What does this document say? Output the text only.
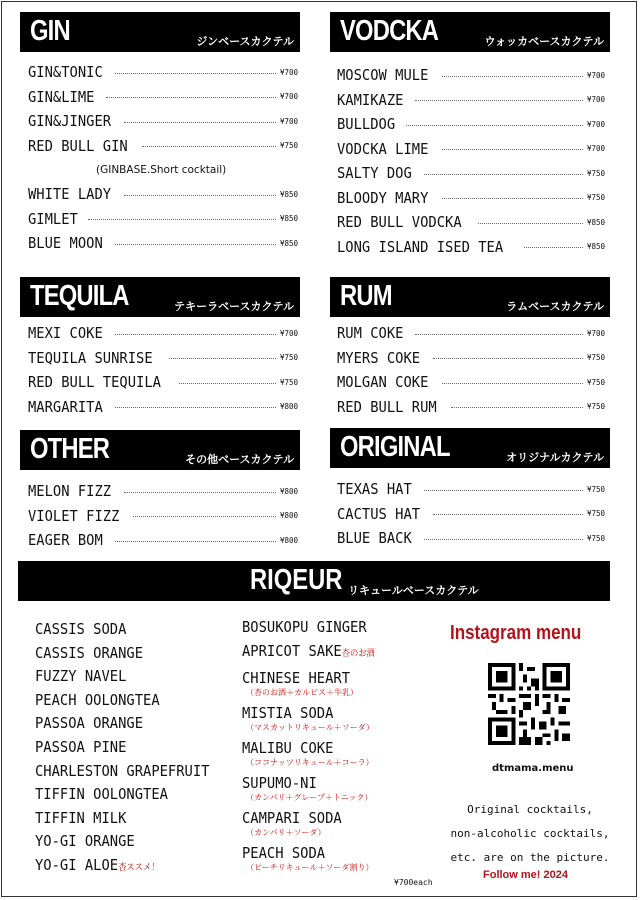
GIN	ジンベースカクテル
GIN&TONIC	¥700
GIN&LIME	¥700
GIN&JINGER	¥700
RED BULL GIN	¥750
(GINBASE.Short cocktail)
WHITE LADY	¥850
GIMLET	¥850
BLUE MOON	¥850
VODCKA	ウォッカベースカクテル
MOSCOW MULE	¥700
KAMIKAZE	¥700
BULLDOG	¥700
VODCKA LIME	¥700
SALTY DOG	¥750
BLOODY MARY	¥750
RED BULL VODCKA	¥850
LONG ISLAND ISED TEA	¥850
TEQUILA	テキーラベースカクテル
MEXI COKE	¥700
TEQUILA SUNRISE	¥750
RED BULL TEQUILA	¥750
MARGARITA	¥800
RUM	ラムベースカクテル
RUM COKE	¥700
MYERS COKE	¥750
MOLGAN COKE	¥750
RED BULL RUM	¥750
OTHER	その他ベースカクテル
MELON FIZZ	¥800
VIOLET FIZZ	¥800
EAGER BOM	¥800
ORIGINAL	オリジナルカクテル
TEXAS HAT	¥750
CACTUS HAT	¥750
BLUE BACK	¥750
RIQEUR リキュールベースカクテル
CASSIS SODA
CASSIS ORANGE
FUZZY NAVEL
PEACH OOLONGTEA
PASSOA ORANGE
PASSOA PINE
CHARLESTON GRAPEFRUIT
TIFFIN OOLONGTEA
TIFFIN MILK
YO-GI ORANGE
YO-GI ALOE杏ススメ！
BOSUKOPU GINGER
APRICOT SAKE杏のお酒
CHINESE HEART
（杏のお酒＋カルピス＋牛乳）
MISTIA SODA
（マスカットリキュール＋ソーダ）
MALIBU COKE
（ココナッツリキュール＋コーラ）
SUPUMO-NI
（カンパリ＋グレープ＋トニック）
CAMPARI SODA
（カンパリ＋ソーダ）
PEACH SODA
（ピーチリキュール＋ソーダ割り）
¥700each
Instagram menu
dtmama.menu
Original cocktails,
non-alcoholic cocktails,
etc. are on the picture.
Follow me! 2024
